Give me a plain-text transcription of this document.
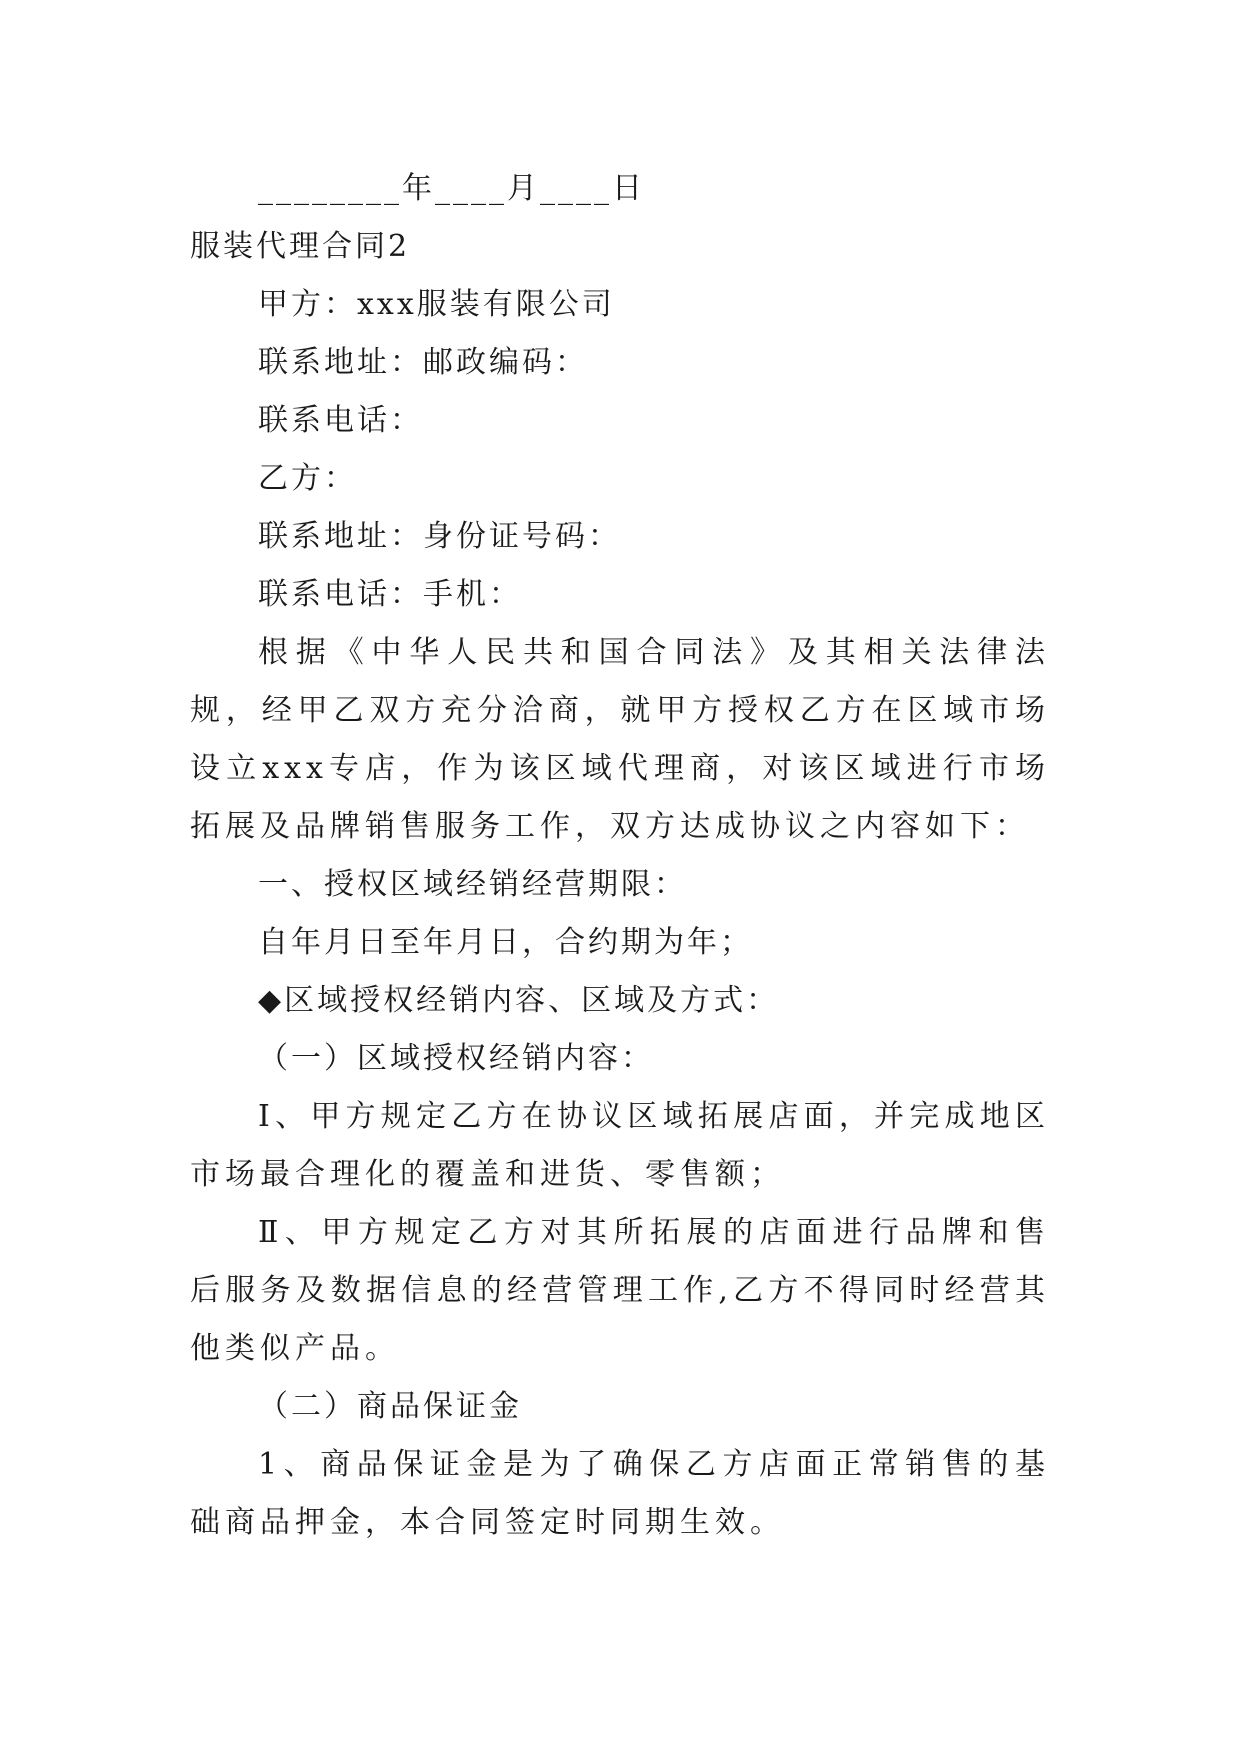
________年____月____日
服装代理合同2
甲方：xxx服装有限公司
联系地址：邮政编码：
联系电话：
乙方：
联系地址：身份证号码：
联系电话：手机：
根据《中华人民共和国合同法》及其相关法律法规，经甲乙双方充分洽商，就甲方授权乙方在区域市场设立xxx专店，作为该区域代理商，对该区域进行市场拓展及品牌销售服务工作，双方达成协议之内容如下：
一、授权区域经销经营期限：
自年月日至年月日，合约期为年；
◆区域授权经销内容、区域及方式：
（一）区域授权经销内容：
Ⅰ、甲方规定乙方在协议区域拓展店面，并完成地区市场最合理化的覆盖和进货、零售额；
Ⅱ、甲方规定乙方对其所拓展的店面进行品牌和售后服务及数据信息的经营管理工作,乙方不得同时经营其他类似产品。
（二）商品保证金
1、商品保证金是为了确保乙方店面正常销售的基础商品押金，本合同签定时同期生效。
